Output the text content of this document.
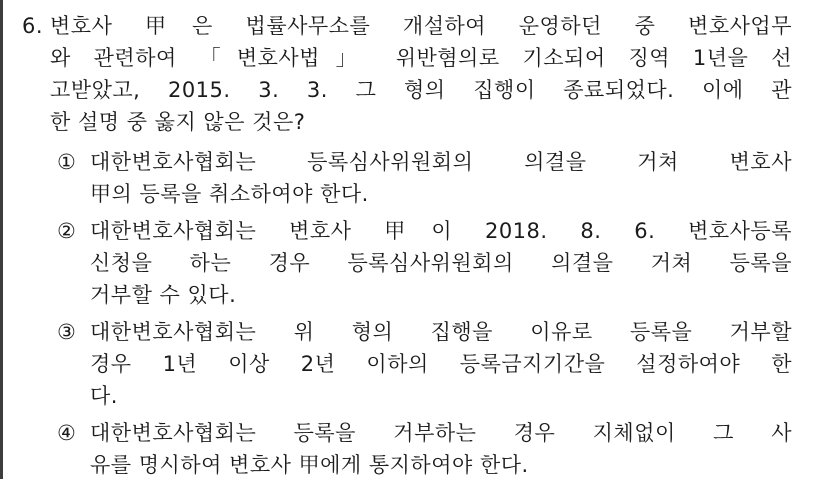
6. 변호사 甲은 법률사무소를 개설하여 운영하던 중 변호사업무
와 관련하여 「변호사법」 위반혐의로 기소되어 징역 1년을 선
고받았고, 2015. 3. 3. 그 형의 집행이 종료되었다. 이에 관
한 설명 중 옳지 않은 것은?
① 대한변호사협회는 등록심사위원회의 의결을 거쳐 변호사
甲의 등록을 취소하여야 한다.
② 대한변호사협회는 변호사 甲이 2018. 8. 6. 변호사등록
신청을 하는 경우 등록심사위원회의 의결을 거쳐 등록을
거부할 수 있다.
③ 대한변호사협회는 위 형의 집행을 이유로 등록을 거부할
경우 1년 이상 2년 이하의 등록금지기간을 설정하여야 한
다.
④ 대한변호사협회는 등록을 거부하는 경우 지체없이 그 사
유를 명시하여 변호사 甲에게 통지하여야 한다.
